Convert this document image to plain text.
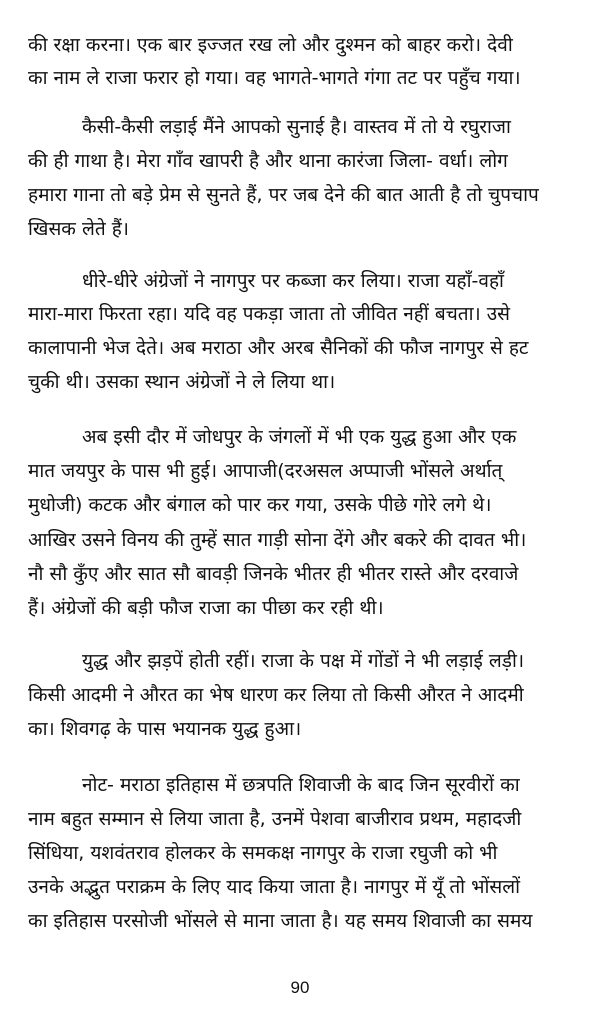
की रक्षा करना। एक बार इज्जत रख लो और दुश्मन को बाहर करो। देवी
का नाम ले राजा फरार हो गया। वह भागते-भागते गंगा तट पर पहुँच गया।
कैसी-कैसी लड़ाई मैंने आपको सुनाई है। वास्तव में तो ये रघुराजा
की ही गाथा है। मेरा गाँव खापरी है और थाना कारंजा जिला- वर्धा। लोग
हमारा गाना तो बड़े प्रेम से सुनते हैं, पर जब देने की बात आती है तो चुपचाप
खिसक लेते हैं।
धीरे-धीरे अंग्रेजों ने नागपुर पर कब्जा कर लिया। राजा यहाँ-वहाँ
मारा-मारा फिरता रहा। यदि वह पकड़ा जाता तो जीवित नहीं बचता। उसे
कालापानी भेज देते। अब मराठा और अरब सैनिकों की फौज नागपुर से हट
चुकी थी। उसका स्थान अंग्रेजों ने ले लिया था।
अब इसी दौर में जोधपुर के जंगलों में भी एक युद्ध हुआ और एक
मात जयपुर के पास भी हुई। आपाजी(दरअसल अप्पाजी भोंसले अर्थात्
मुधोजी) कटक और बंगाल को पार कर गया, उसके पीछे गोरे लगे थे।
आखिर उसने विनय की तुम्हें सात गाड़ी सोना देंगे और बकरे की दावत भी।
नौ सौ कुँए और सात सौ बावड़ी जिनके भीतर ही भीतर रास्ते और दरवाजे
हैं। अंग्रेजों की बड़ी फौज राजा का पीछा कर रही थी।
युद्ध और झड़पें होती रहीं। राजा के पक्ष में गोंडों ने भी लड़ाई लड़ी।
किसी आदमी ने औरत का भेष धारण कर लिया तो किसी औरत ने आदमी
का। शिवगढ़ के पास भयानक युद्ध हुआ।
नोट- मराठा इतिहास में छत्रपति शिवाजी के बाद जिन सूरवीरों का
नाम बहुत सम्मान से लिया जाता है, उनमें पेशवा बाजीराव प्रथम, महादजी
सिंधिया, यशवंतराव होलकर के समकक्ष नागपुर के राजा रघुजी को भी
उनके अद्भुत पराक्रम के लिए याद किया जाता है। नागपुर में यूँ तो भोंसलों
का इतिहास परसोजी भोंसले से माना जाता है। यह समय शिवाजी का समय
90
